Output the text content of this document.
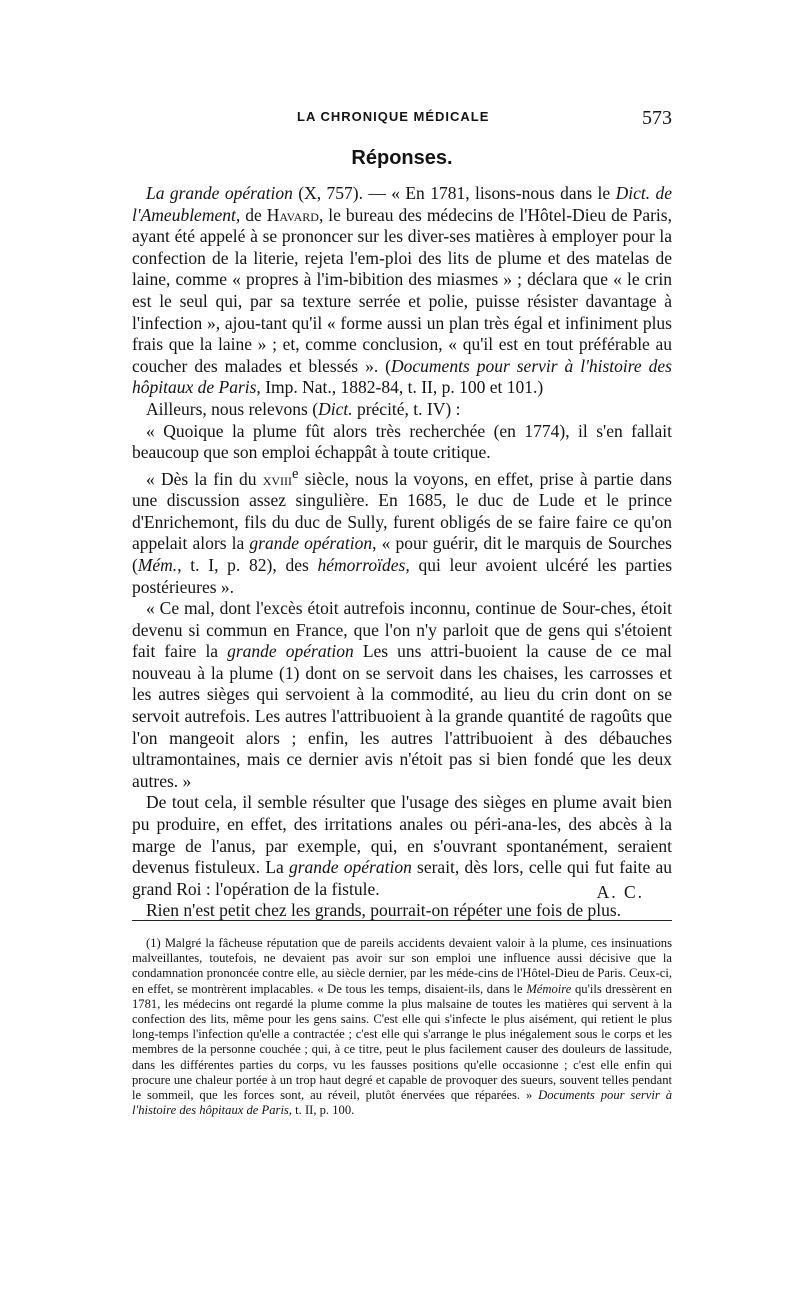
LA CHRONIQUE MÉDICALE	573
Réponses.

La grande opération (X, 757). — « En 1781, lisons-nous dans le Dict. de l'Ameublement, de Havard, le bureau des médecins de l'Hôtel-Dieu de Paris, ayant été appelé à se prononcer sur les diver-ses matières à employer pour la confection de la literie, rejeta l'em-ploi des lits de plume et des matelas de laine, comme « propres à l'im-bibition des miasmes » ; déclara que « le crin est le seul qui, par sa texture serrée et polie, puisse résister davantage à l'infection », ajou-tant qu'il « forme aussi un plan très égal et infiniment plus frais que la laine » ; et, comme conclusion, « qu'il est en tout préférable au coucher des malades et blessés ». (Documents pour servir à l'histoire des hôpitaux de Paris, Imp. Nat., 1882-84, t. II, p. 100 et 101.)

Ailleurs, nous relevons (Dict. précité, t. IV) :

« Quoique la plume fût alors très recherchée (en 1774), il s'en fallait beaucoup que son emploi échappât à toute critique.

« Dès la fin du xviii$^e$ siècle, nous la voyons, en effet, prise à partie dans une discussion assez singulière. En 1685, le duc de Lude et le prince d'Enrichemont, fils du duc de Sully, furent obligés de se faire faire ce qu'on appelait alors la grande opération, « pour guérir, dit le marquis de Sourches (Mém., t. I, p. 82), des hémorroïdes, qui leur avoient ulcéré les parties postérieures ».

« Ce mal, dont l'excès étoit autrefois inconnu, continue de Sour-ches, étoit devenu si commun en France, que l'on n'y parloit que de gens qui s'étoient fait faire la grande opération Les uns attri-buoient la cause de ce mal nouveau à la plume (1) dont on se servoit dans les chaises, les carrosses et les autres sièges qui servoient à la commodité, au lieu du crin dont on se servoit autrefois. Les autres l'attribuoient à la grande quantité de ragoûts que l'on mangeoit alors ; enfin, les autres l'attribuoient à des débauches ultramontaines, mais ce dernier avis n'étoit pas si bien fondé que les deux autres. »

De tout cela, il semble résulter que l'usage des sièges en plume avait bien pu produire, en effet, des irritations anales ou péri-ana-les, des abcès à la marge de l'anus, par exemple, qui, en s'ouvrant spontanément, seraient devenus fistuleux. La grande opération serait, dès lors, celle qui fut faite au grand Roi : l'opération de la fistule.

Rien n'est petit chez les grands, pourrait-on répéter une fois de plus.

A. C.

(1) Malgré la fâcheuse réputation que de pareils accidents devaient valoir à la plume, ces insinuations malveillantes, toutefois, ne devaient pas avoir sur son emploi une influence aussi décisive que la condamnation prononcée contre elle, au siècle dernier, par les méde-cins de l'Hôtel-Dieu de Paris. Ceux-ci, en effet, se montrèrent implacables. « De tous les temps, disaient-ils, dans le Mémoire qu'ils dressèrent en 1781, les médecins ont regardé la plume comme la plus malsaine de toutes les matières qui servent à la confection des lits, même pour les gens sains. C'est elle qui s'infecte le plus aisément, qui retient le plus long-temps l'infection qu'elle a contractée ; c'est elle qui s'arrange le plus inégalement sous le corps et les membres de la personne couchée ; qui, à ce titre, peut le plus facilement causer des douleurs de lassitude, dans les différentes parties du corps, vu les fausses positions qu'elle occasionne ; c'est elle enfin qui procure une chaleur portée à un trop haut degré et capable de provoquer des sueurs, souvent telles pendant le sommeil, que les forces sont, au réveil, plutôt énervées que réparées. » Documents pour servir à l'histoire des hôpitaux de Paris, t. II, p. 100.
